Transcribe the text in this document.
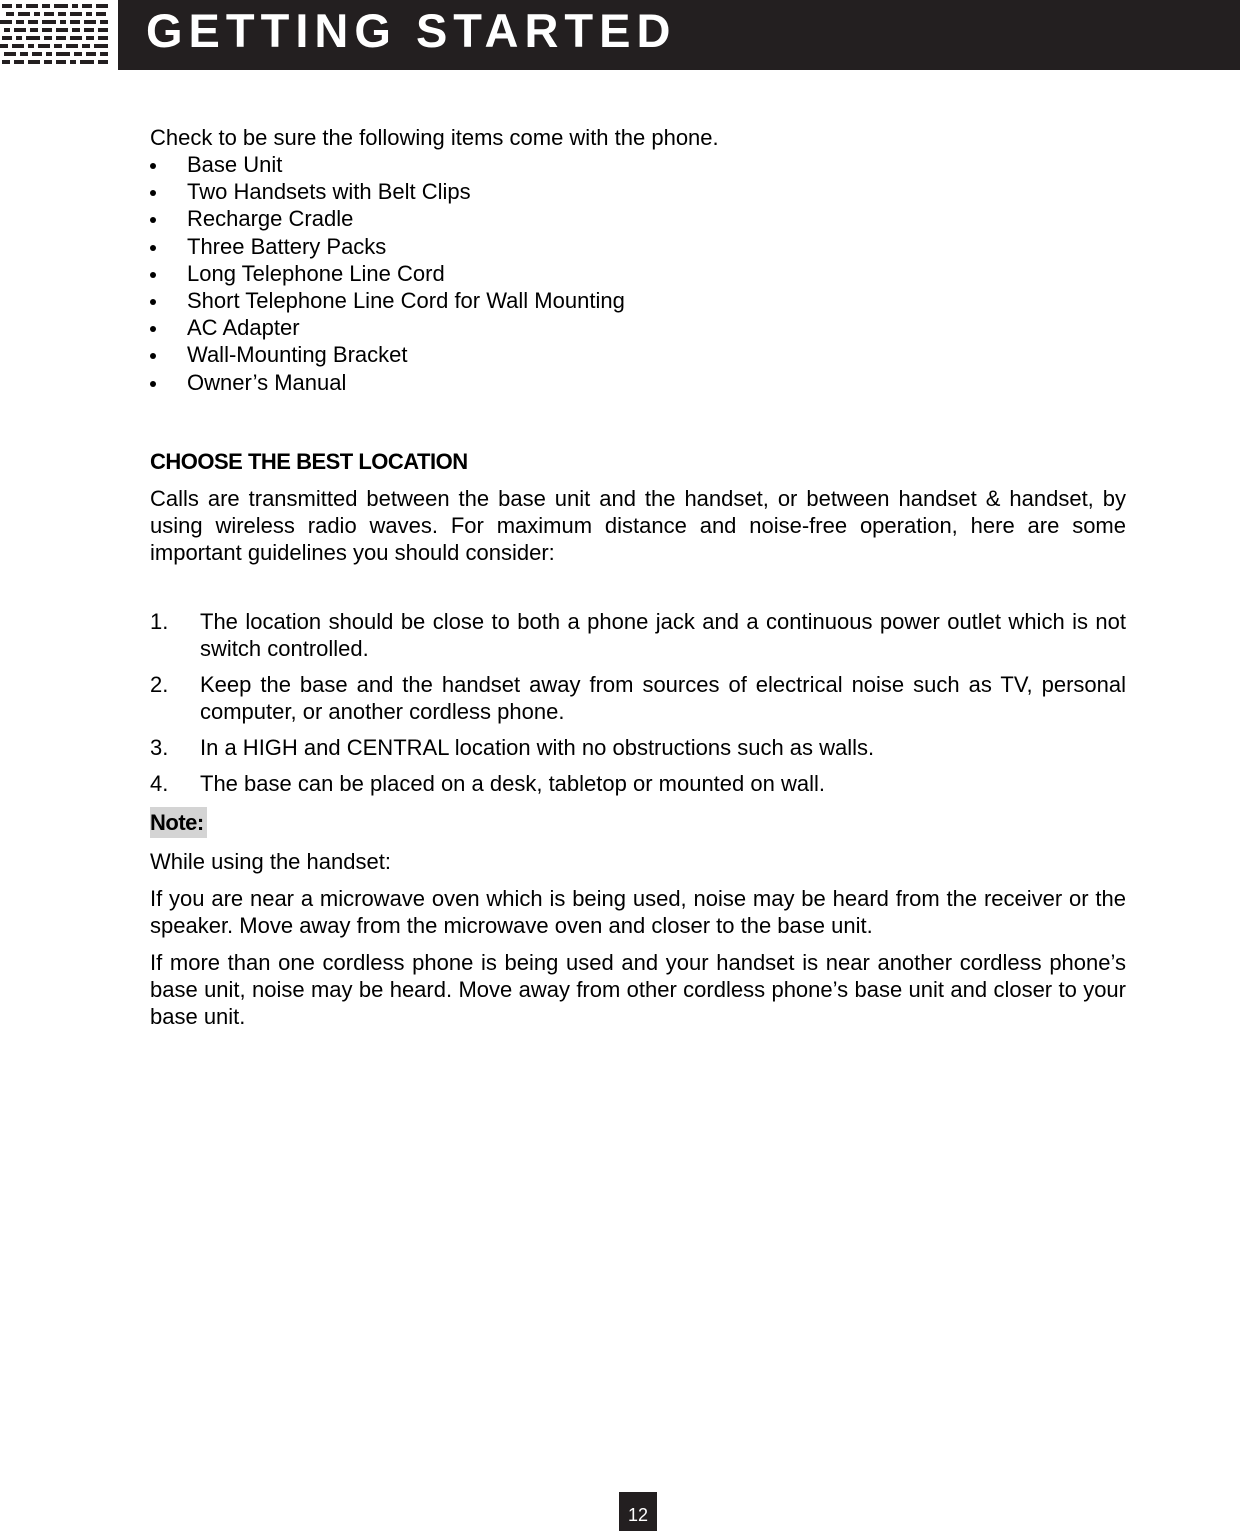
GETTING STARTED

Check to be sure the following items come with the phone.

Base Unit
Two Handsets with Belt Clips
Recharge Cradle
Three Battery Packs
Long Telephone Line Cord
Short Telephone Line Cord for Wall Mounting
AC Adapter
Wall-Mounting Bracket
Owner’s Manual
CHOOSE THE BEST LOCATION

Calls are transmitted between the base unit and the handset, or between handset & handset, by using wireless radio waves. For maximum distance and noise-free operation, here are some important guidelines you should consider:

1. The location should be close to both a phone jack and a continuous power outlet which is not switch controlled.
2. Keep the base and the handset away from sources of electrical noise such as TV, personal computer, or another cordless phone.
3. In a HIGH and CENTRAL location with no obstructions such as walls.
4. The base can be placed on a desk, tabletop or mounted on wall.
Note:

While using the handset:

If you are near a microwave oven which is being used, noise may be heard from the receiver or the speaker. Move away from the microwave oven and closer to the base unit.

If more than one cordless phone is being used and your handset is near another cordless phone’s base unit, noise may be heard. Move away from other cordless phone’s base unit and closer to your base unit.

12
